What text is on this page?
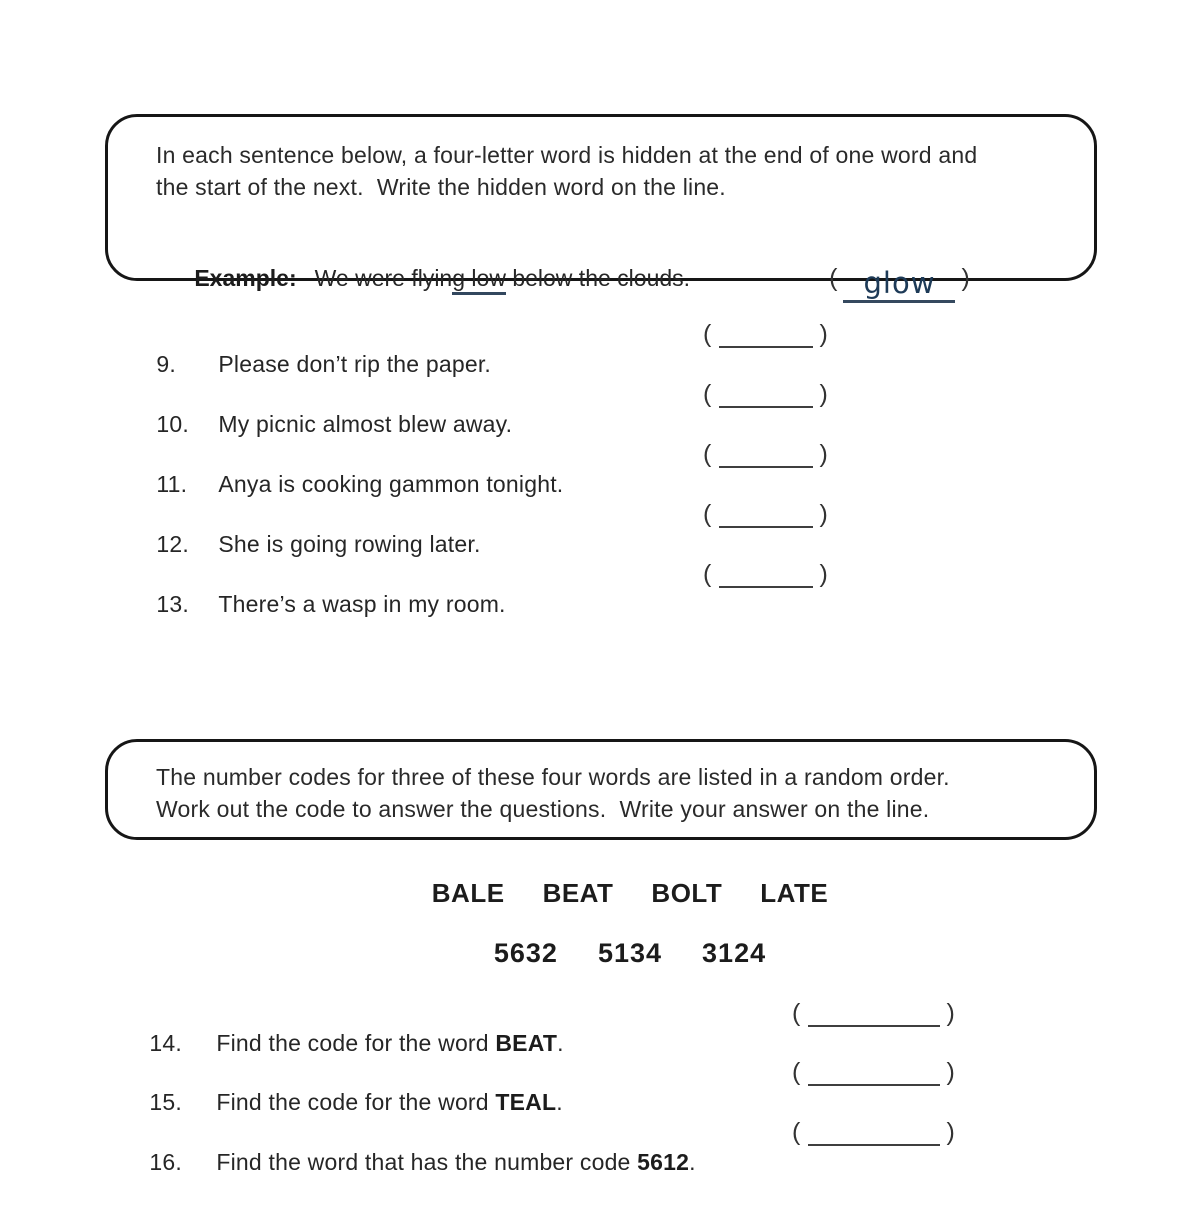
In each sentence below, a four-letter word is hidden at the end of one word and
the start of the next.  Write the hidden word on the line.

Example: We were flying low below the clouds.
	( glow )

9. Please don’t rip the paper.

(	)

10. My picnic almost blew away.

(	)

11. Anya is cooking gammon tonight.

(	)

12. She is going rowing later.

(	)

13. There’s a wasp in my room.

(	)

The number codes for three of these four words are listed in a random order.
Work out the code to answer the questions.  Write your answer on the line.
BALE BEAT BOLT LATE
5632 5134 3124

14. Find the code for the word BEAT.

(	)

15. Find the code for the word TEAL.

(	)

16. Find the word that has the number code 5612.

(	)
